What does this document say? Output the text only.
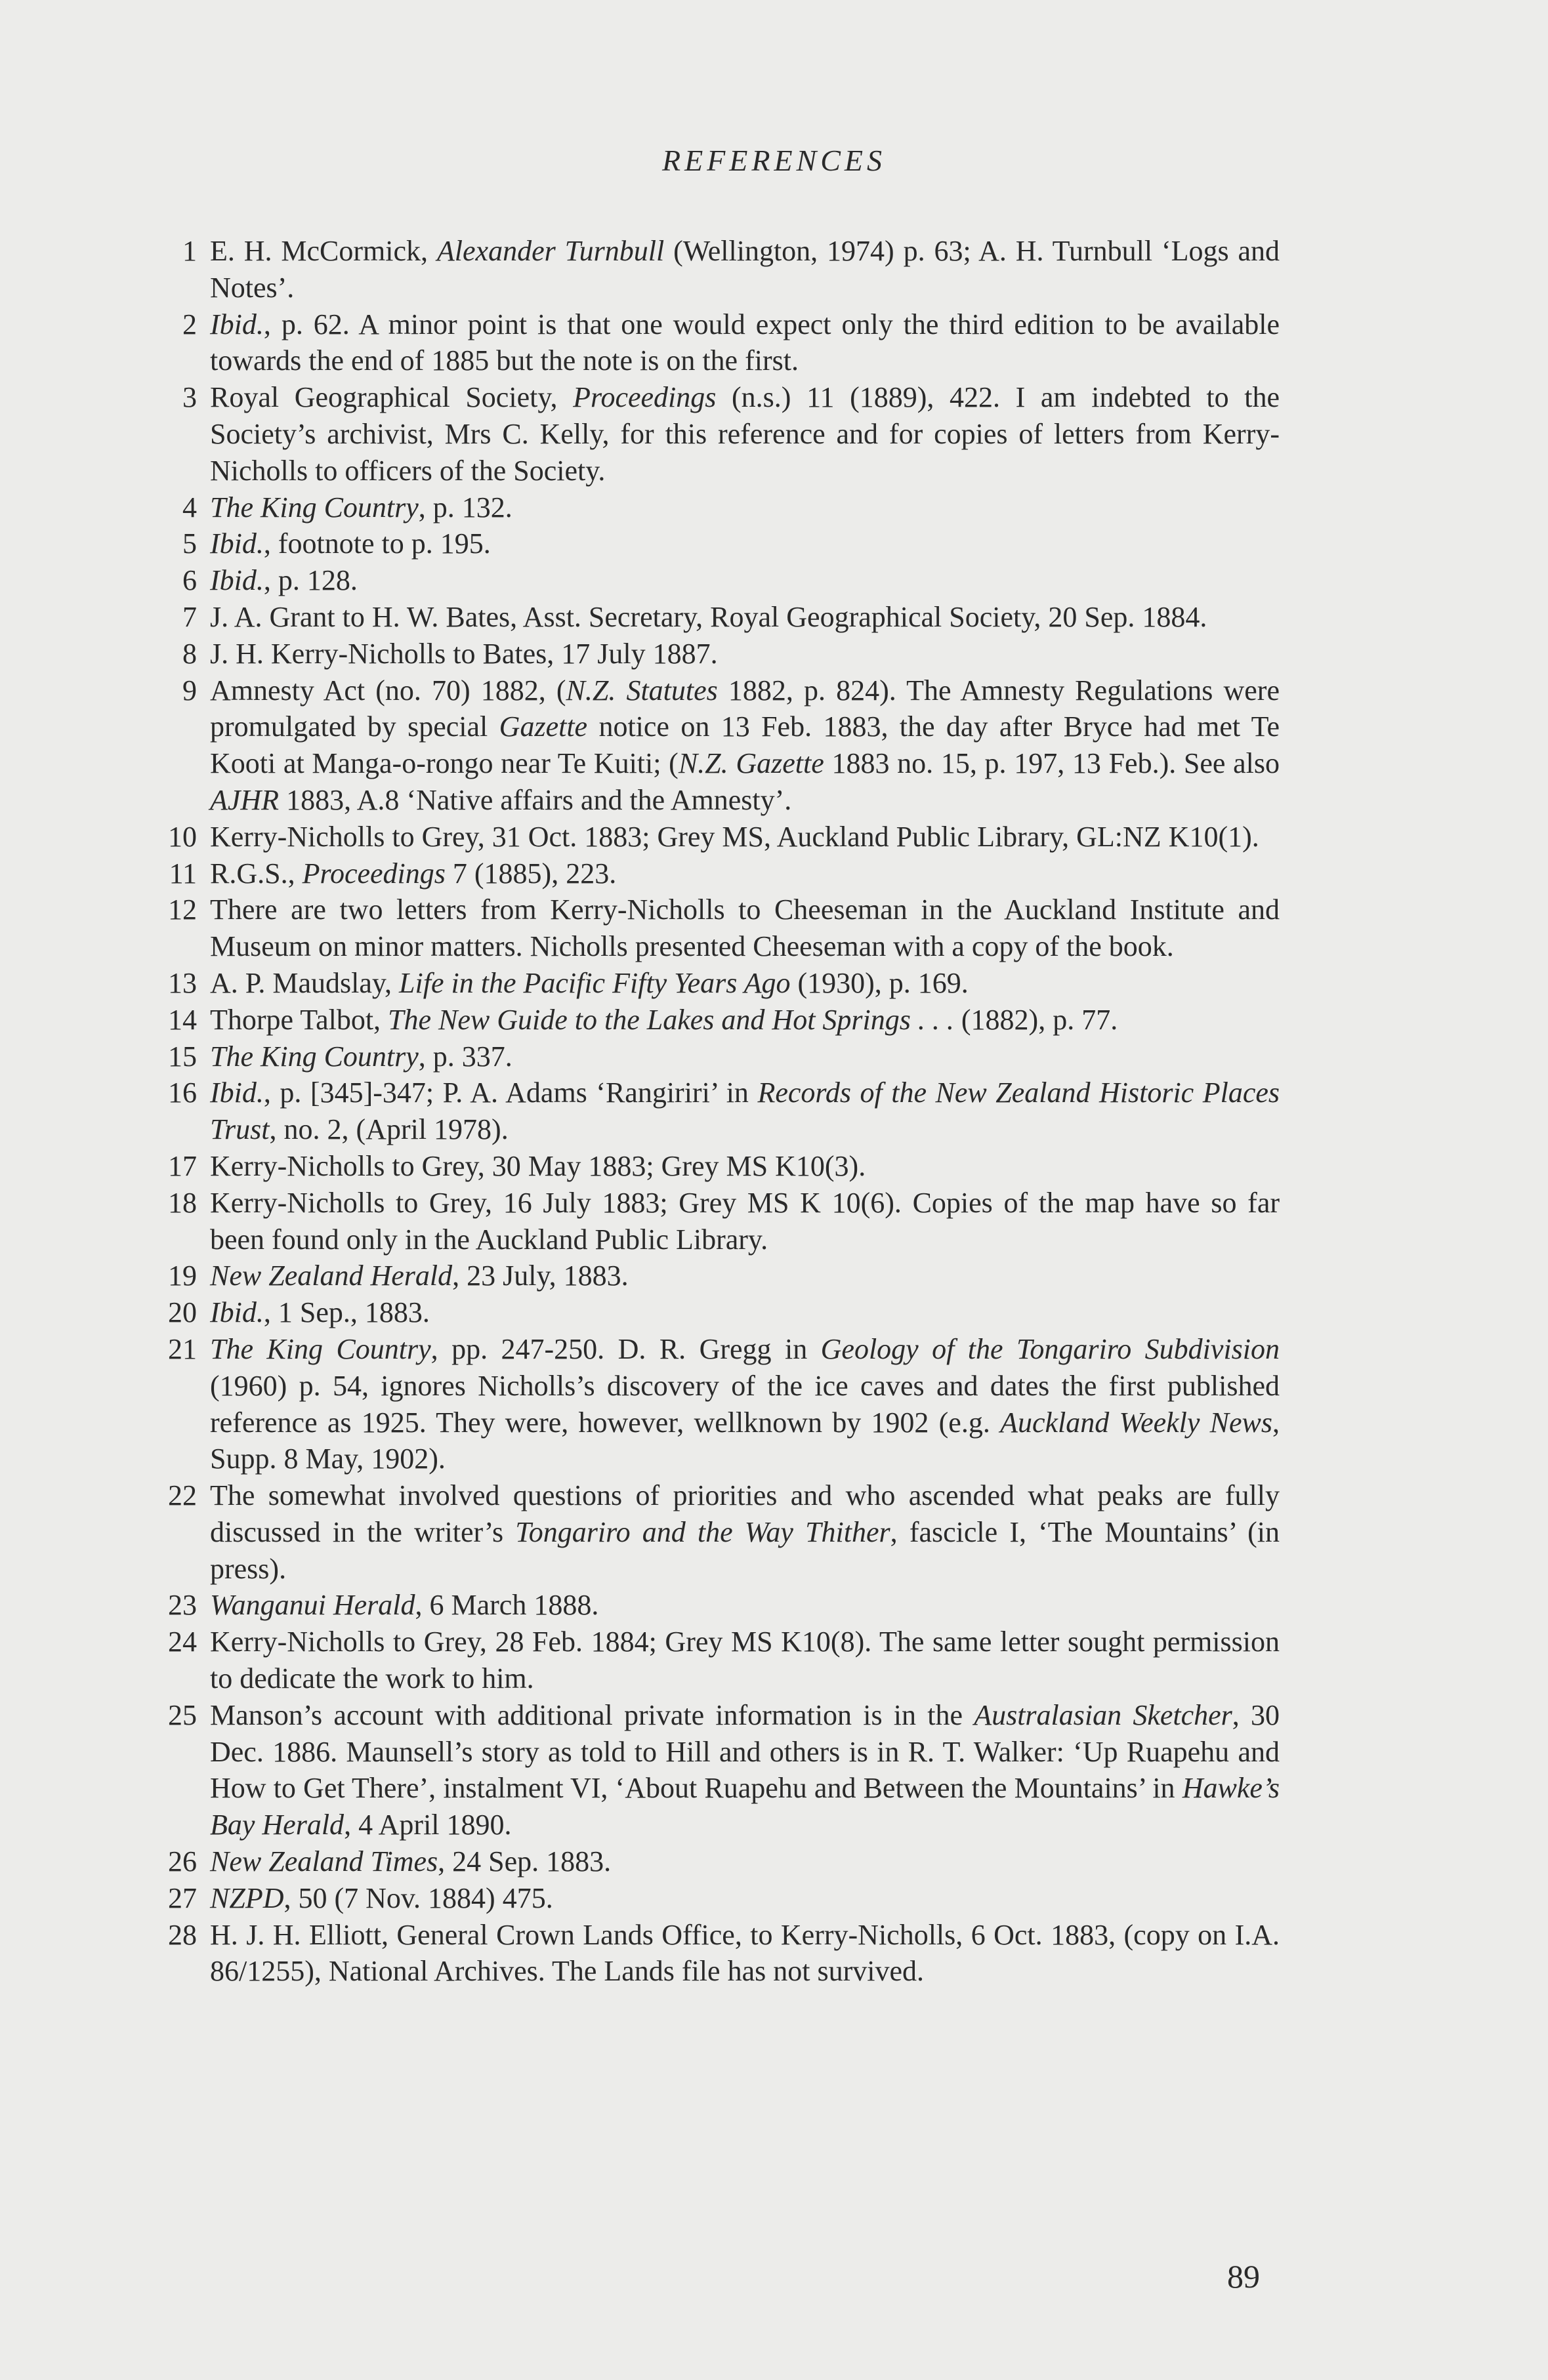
REFERENCES
1 E. H. McCormick, Alexander Turnbull (Wellington, 1974) p. 63; A. H. Turnbull ‘Logs and Notes’.
2 Ibid., p. 62. A minor point is that one would expect only the third edition to be available towards the end of 1885 but the note is on the first.
3 Royal Geographical Society, Proceedings (n.s.) 11 (1889), 422. I am indebted to the Society’s archivist, Mrs C. Kelly, for this reference and for copies of letters from Kerry-Nicholls to officers of the Society.
4 The King Country, p. 132.
5 Ibid., footnote to p. 195.
6 Ibid., p. 128.
7 J. A. Grant to H. W. Bates, Asst. Secretary, Royal Geographical Society, 20 Sep. 1884.
8 J. H. Kerry-Nicholls to Bates, 17 July 1887.
9 Amnesty Act (no. 70) 1882, (N.Z. Statutes 1882, p. 824). The Amnesty Regulations were promulgated by special Gazette notice on 13 Feb. 1883, the day after Bryce had met Te Kooti at Manga-o-rongo near Te Kuiti; (N.Z. Gazette 1883 no. 15, p. 197, 13 Feb.). See also AJHR 1883, A.8 ‘Native affairs and the Amnesty’.
10 Kerry-Nicholls to Grey, 31 Oct. 1883; Grey MS, Auckland Public Library, GL:NZ K10(1).
11 R.G.S., Proceedings 7 (1885), 223.
12 There are two letters from Kerry-Nicholls to Cheeseman in the Auckland Institute and Museum on minor matters. Nicholls presented Cheeseman with a copy of the book.
13 A. P. Maudslay, Life in the Pacific Fifty Years Ago (1930), p. 169.
14 Thorpe Talbot, The New Guide to the Lakes and Hot Springs . . . (1882), p. 77.
15 The King Country, p. 337.
16 Ibid., p. [345]-347; P. A. Adams ‘Rangiriri’ in Records of the New Zealand Historic Places Trust, no. 2, (April 1978).
17 Kerry-Nicholls to Grey, 30 May 1883; Grey MS K10(3).
18 Kerry-Nicholls to Grey, 16 July 1883; Grey MS K 10(6). Copies of the map have so far been found only in the Auckland Public Library.
19 New Zealand Herald, 23 July, 1883.
20 Ibid., 1 Sep., 1883.
21 The King Country, pp. 247-250. D. R. Gregg in Geology of the Tongariro Subdivision (1960) p. 54, ignores Nicholls’s discovery of the ice caves and dates the first published reference as 1925. They were, however, wellknown by 1902 (e.g. Auckland Weekly News, Supp. 8 May, 1902).
22 The somewhat involved questions of priorities and who ascended what peaks are fully discussed in the writer’s Tongariro and the Way Thither, fascicle I, ‘The Mountains’ (in press).
23 Wanganui Herald, 6 March 1888.
24 Kerry-Nicholls to Grey, 28 Feb. 1884; Grey MS K10(8). The same letter sought permission to dedicate the work to him.
25 Manson’s account with additional private information is in the Australasian Sketcher, 30 Dec. 1886. Maunsell’s story as told to Hill and others is in R. T. Walker: ‘Up Ruapehu and How to Get There’, instalment VI, ‘About Ruapehu and Between the Mountains’ in Hawke’s Bay Herald, 4 April 1890.
26 New Zealand Times, 24 Sep. 1883.
27 NZPD, 50 (7 Nov. 1884) 475.
28 H. J. H. Elliott, General Crown Lands Office, to Kerry-Nicholls, 6 Oct. 1883, (copy on I.A. 86/1255), National Archives. The Lands file has not survived.
89
